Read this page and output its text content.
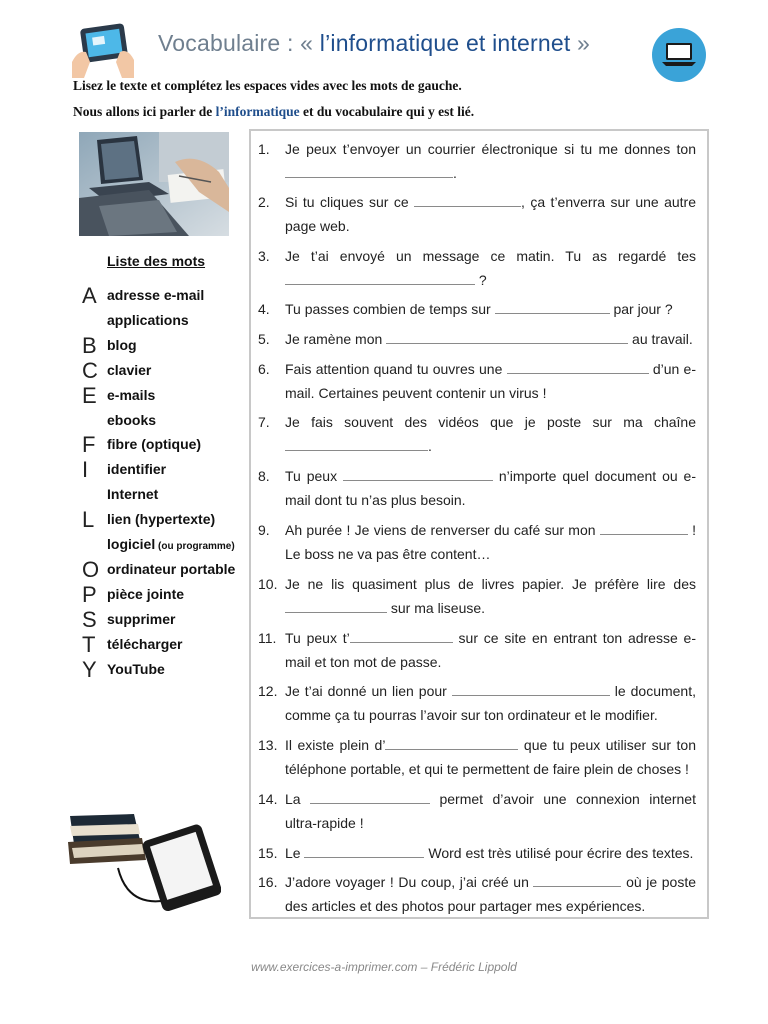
Vocabulaire : « l’informatique et internet »
Lisez le texte et complétez les espaces vides avec les mots de gauche.
Nous allons ici parler de l’informatique et du vocabulaire qui y est lié.
Liste des mots
A adresse e-mail
applications
B blog
C clavier
E e-mails
ebooks
F fibre (optique)
I identifier
Internet
L lien (hypertexte)
logiciel (ou programme)
O ordinateur portable
P pièce jointe
S supprimer
T télécharger
Y YouTube
1. Je peux t’envoyer un courrier électronique si tu me donnes ton .
2. Si tu cliques sur ce	, ça t’enverra sur une autre page web.
3. Je t’ai envoyé un message ce matin. Tu as regardé tes  ?
4. Tu passes combien de temps sur	par jour ?
5. Je ramène mon	au travail.
6. Fais attention quand tu ouvres une	d’un e-mail. Certaines peuvent contenir un virus !
7. Je fais souvent des vidéos que je poste sur ma chaîne .
8. Tu peux	n’importe quel document ou e-mail dont tu n’as plus besoin.
9. Ah purée ! Je viens de renverser du café sur mon	! Le boss ne va pas être content…
10. Je ne lis quasiment plus de livres papier. Je préfère lire des  sur ma liseuse.
11. Tu peux t’	sur ce site en entrant ton adresse e-mail et ton mot de passe.
12. Je t’ai donné un lien pour	le document, comme ça tu pourras l’avoir sur ton ordinateur et le modifier.
13. Il existe plein d’	que tu peux utiliser sur ton téléphone portable, et qui te permettent de faire plein de choses !
14. La	permet d’avoir une connexion internet ultra-rapide !
15. Le	Word est très utilisé pour écrire des textes.
16. J’adore voyager ! Du coup, j’ai créé un	où je poste des articles et des photos pour partager mes expériences.
www.exercices-a-imprimer.com – Frédéric Lippold
